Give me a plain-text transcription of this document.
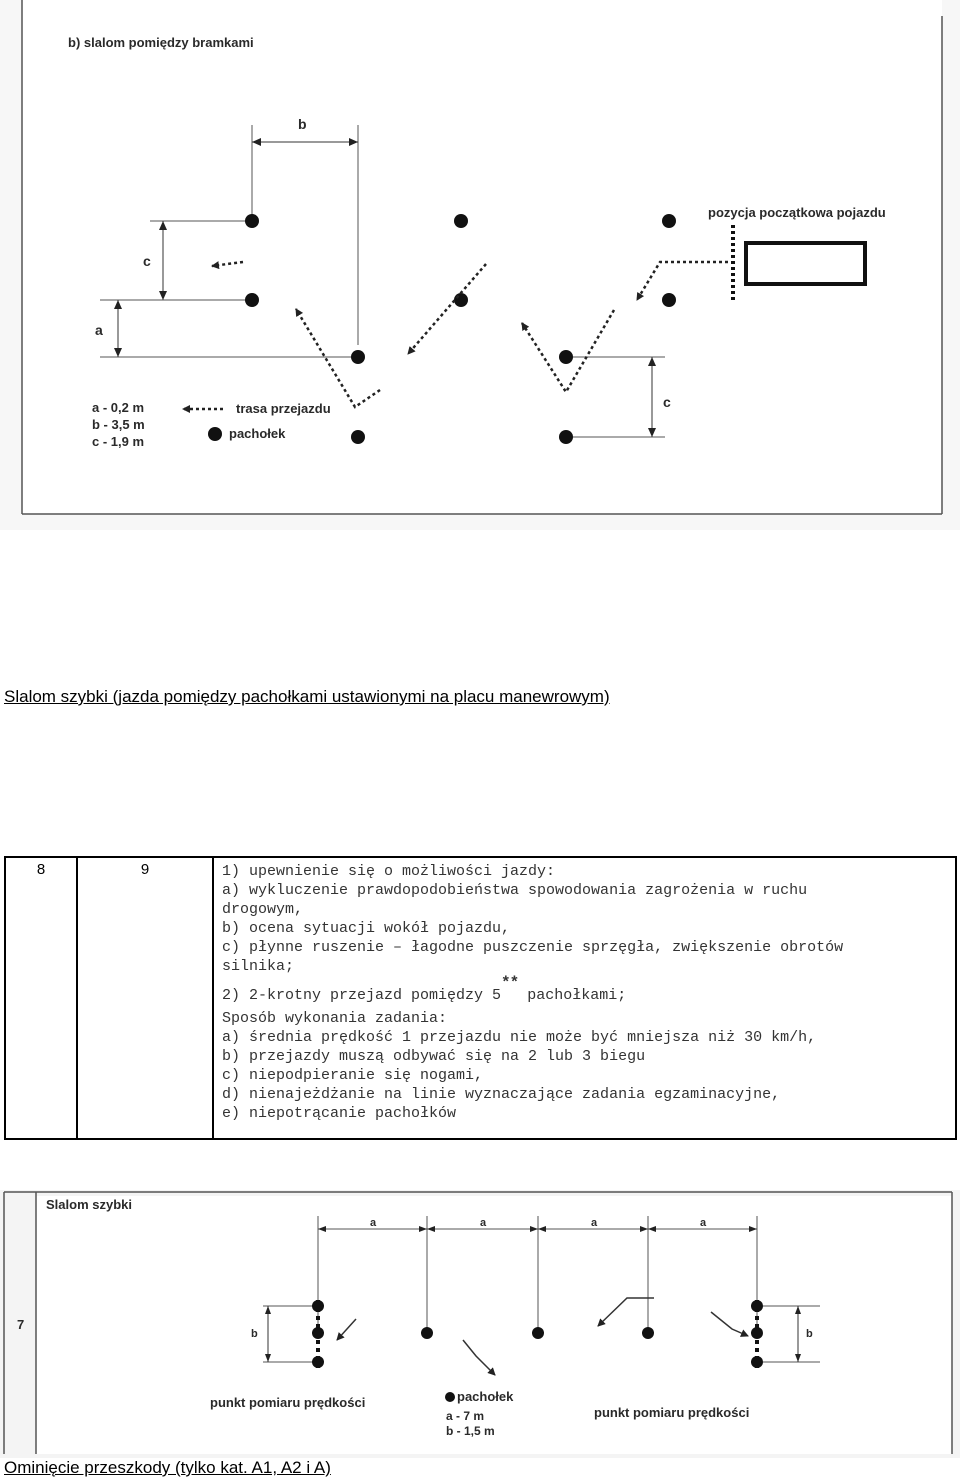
b) slalom pomiędzy bramkami
b
c
a
c
pozycja początkowa pojazdu
a - 0,2 m
b - 3,5 m
c - 1,9 m
trasa przejazdu
pachołek
Slalom szybki (jazda pomiędzy pachołkami ustawionymi na placu manewrowym)
8	9	1) upewnienie się o możliwości jazdy:
a) wykluczenie prawdopodobieństwa spowodowania zagrożenia w ruchu
drogowym,
b) ocena sytuacji wokół pojazdu,
c) płynne ruszenie – łagodne puszczenie sprzęgła, zwiększenie obrotów
silnika;
2) 2-krotny przejazd pomiędzy 5** pachołkami;
Sposób wykonania zadania:
a) średnia prędkość 1 przejazdu nie może być mniejsza niż 30 km/h,
b) przejazdy muszą odbywać się na 2 lub 3 biegu
c) niepodpieranie się nogami,
d) nienajeżdżanie na linie wyznaczające zadania egzaminacyjne,
e) niepotrącanie pachołków
7
Slalom szybki
a	a	a	a
b	b
punkt pomiaru prędkości
punkt pomiaru prędkości
pachołek
a - 7 m
b - 1,5 m
Ominięcie przeszkody (tylko kat. A1, A2 i A)
